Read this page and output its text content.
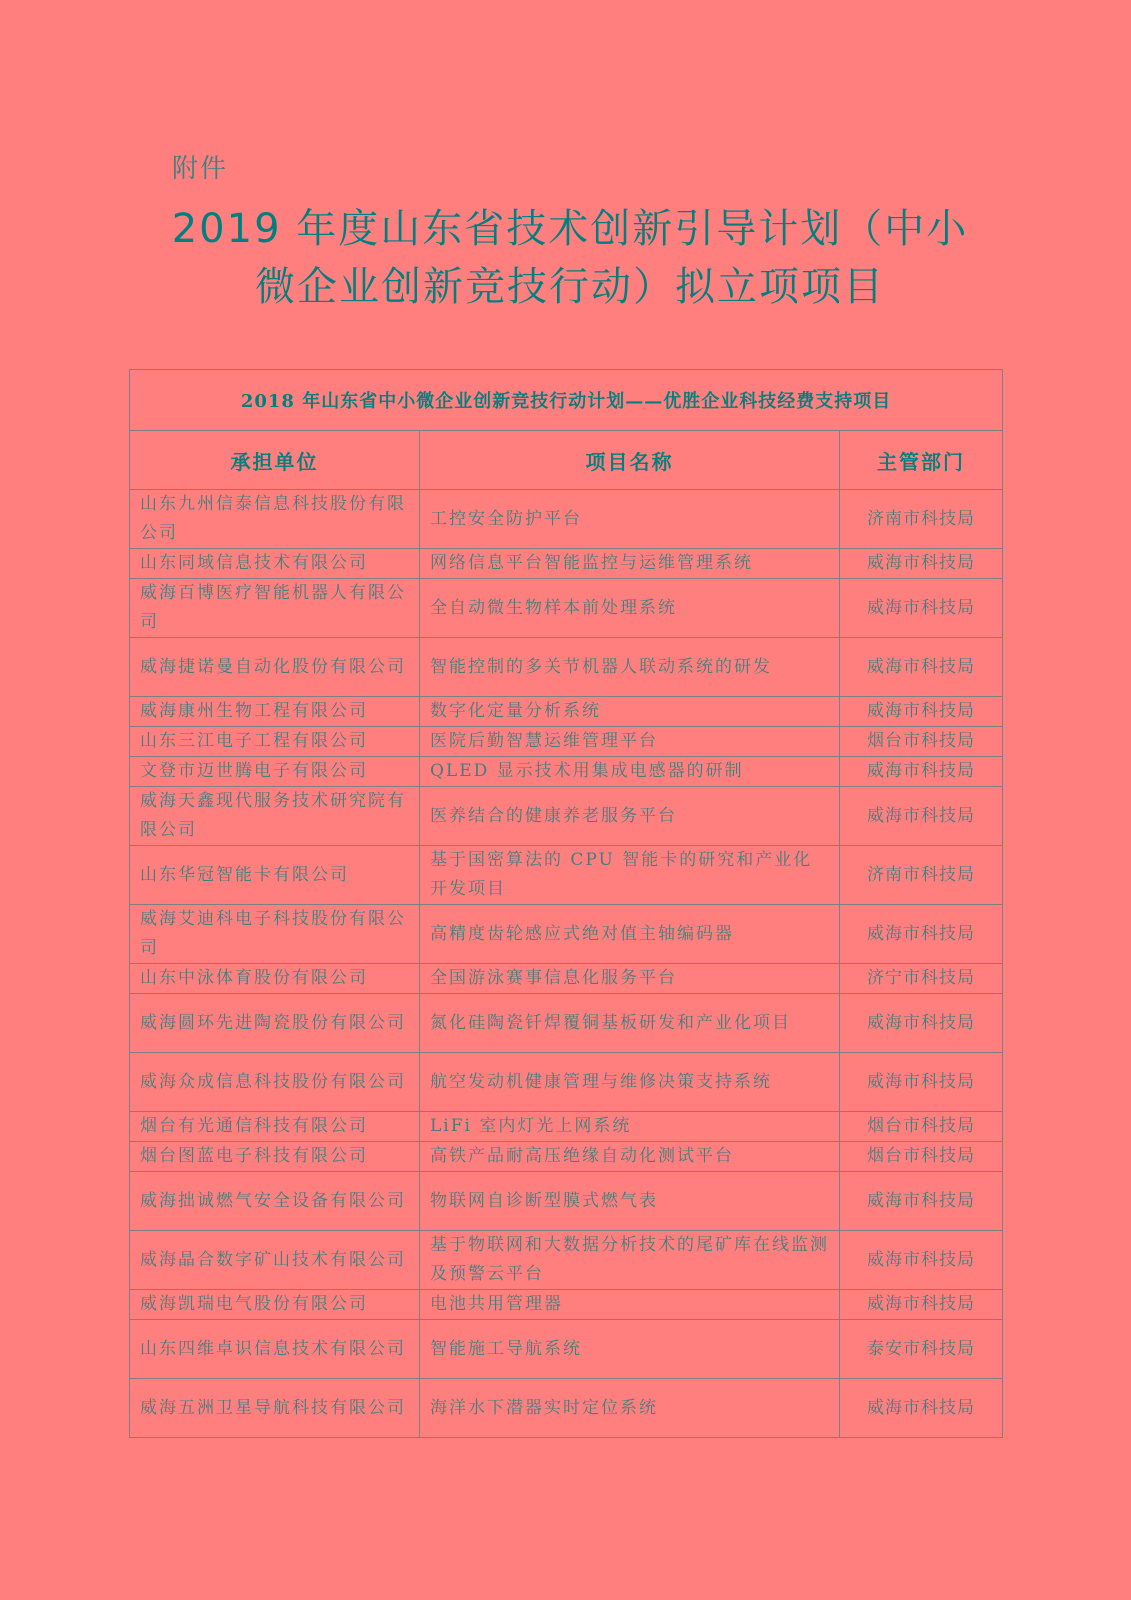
附件
2019 年度山东省技术创新引导计划（中小
微企业创新竞技行动）拟立项项目
2018 年山东省中小微企业创新竞技行动计划——优胜企业科技经费支持项目		
承担单位	项目名称	主管部门
山东九州信泰信息科技股份有限公司	工控安全防护平台	济南市科技局
山东同域信息技术有限公司	网络信息平台智能监控与运维管理系统	威海市科技局
威海百博医疗智能机器人有限公司	全自动微生物样本前处理系统	威海市科技局
威海捷诺曼自动化股份有限公司	智能控制的多关节机器人联动系统的研发	威海市科技局
威海康州生物工程有限公司	数字化定量分析系统	威海市科技局
山东三江电子工程有限公司	医院后勤智慧运维管理平台	烟台市科技局
文登市迈世腾电子有限公司	QLED 显示技术用集成电感器的研制	威海市科技局
威海天鑫现代服务技术研究院有限公司	医养结合的健康养老服务平台	威海市科技局
山东华冠智能卡有限公司	基于国密算法的 CPU 智能卡的研究和产业化开发项目	济南市科技局
威海艾迪科电子科技股份有限公司	高精度齿轮感应式绝对值主轴编码器	威海市科技局
山东中泳体育股份有限公司	全国游泳赛事信息化服务平台	济宁市科技局
威海圆环先进陶瓷股份有限公司	氮化硅陶瓷钎焊覆铜基板研发和产业化项目	威海市科技局
威海众成信息科技股份有限公司	航空发动机健康管理与维修决策支持系统	威海市科技局
烟台有光通信科技有限公司	LiFi 室内灯光上网系统	烟台市科技局
烟台图蓝电子科技有限公司	高铁产品耐高压绝缘自动化测试平台	烟台市科技局
威海拙诚燃气安全设备有限公司	物联网自诊断型膜式燃气表	威海市科技局
威海晶合数字矿山技术有限公司	基于物联网和大数据分析技术的尾矿库在线监测及预警云平台	威海市科技局
威海凯瑞电气股份有限公司	电池共用管理器	威海市科技局
山东四维卓识信息技术有限公司	智能施工导航系统	泰安市科技局
威海五洲卫星导航科技有限公司	海洋水下潜器实时定位系统	威海市科技局
